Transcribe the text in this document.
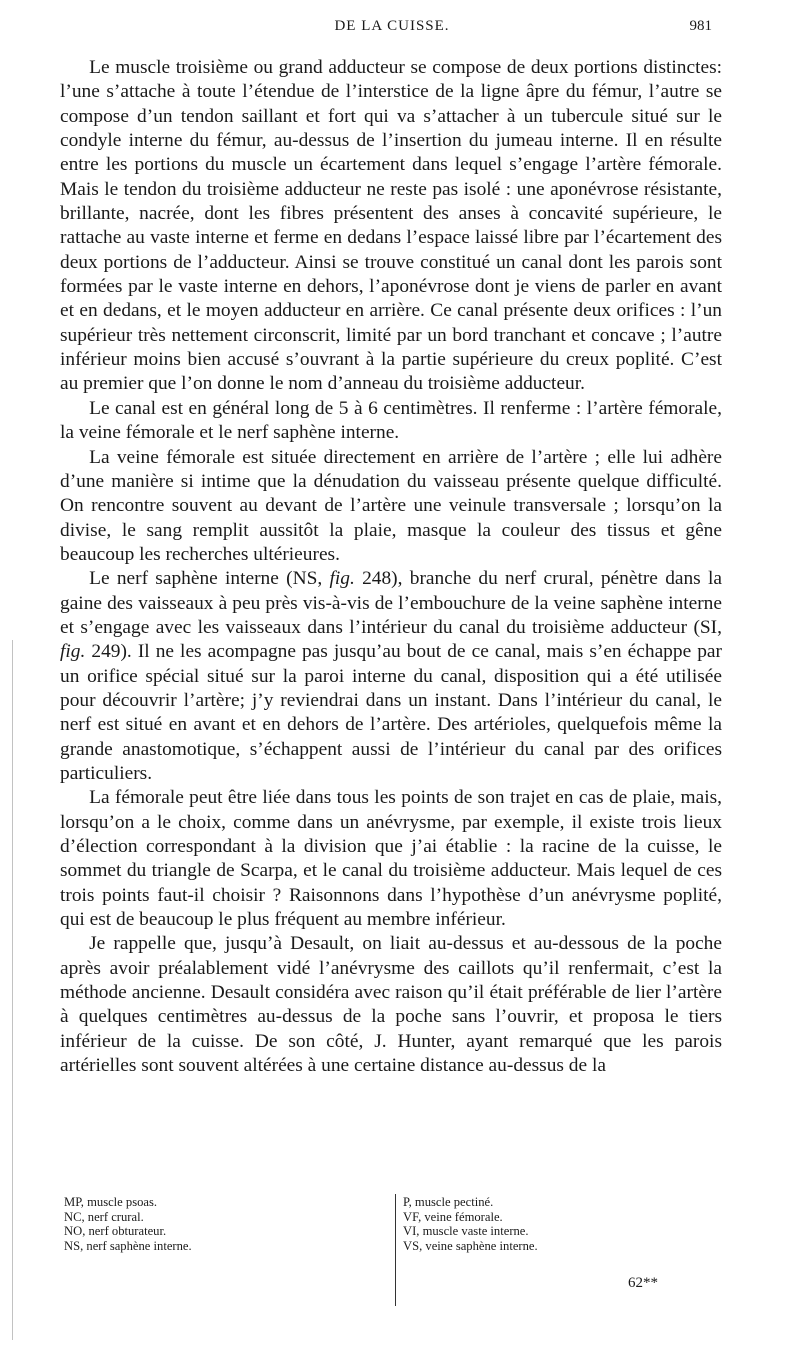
DE LA CUISSE.	981

Le muscle troisième ou grand adducteur se compose de deux portions distinctes: l’une s’attache à toute l’étendue de l’interstice de la ligne âpre du fémur, l’autre se compose d’un tendon saillant et fort qui va s’attacher à un tubercule situé sur le condyle interne du fémur, au-dessus de l’insertion du jumeau interne. Il en résulte entre les portions du muscle un écartement dans lequel s’engage l’artère fémorale. Mais le tendon du troisième adducteur ne reste pas isolé : une aponévrose résistante, brillante, nacrée, dont les fibres présentent des anses à concavité supérieure, le rattache au vaste interne et ferme en dedans l’espace laissé libre par l’écartement des deux portions de l’adducteur. Ainsi se trouve constitué un canal dont les parois sont formées par le vaste interne en dehors, l’aponévrose dont je viens de parler en avant et en dedans, et le moyen adducteur en arrière. Ce canal présente deux orifices : l’un supérieur très nettement circonscrit, limité par un bord tranchant et concave ; l’autre inférieur moins bien accusé s’ouvrant à la partie supérieure du creux poplité. C’est au premier que l’on donne le nom d’anneau du troisième adducteur.

Le canal est en général long de 5 à 6 centimètres. Il renferme : l’artère fémorale, la veine fémorale et le nerf saphène interne.

La veine fémorale est située directement en arrière de l’artère ; elle lui adhère d’une manière si intime que la dénudation du vaisseau présente quelque difficulté. On rencontre souvent au devant de l’artère une veinule transversale ; lorsqu’on la divise, le sang remplit aussitôt la plaie, masque la couleur des tissus et gêne beaucoup les recherches ultérieures.

Le nerf saphène interne (NS, fig. 248), branche du nerf crural, pénètre dans la gaine des vaisseaux à peu près vis-à-vis de l’embouchure de la veine saphène interne et s’engage avec les vaisseaux dans l’intérieur du canal du troisième adducteur (SI, fig. 249). Il ne les acompagne pas jusqu’au bout de ce canal, mais s’en échappe par un orifice spécial situé sur la paroi interne du canal, disposition qui a été utilisée pour découvrir l’artère; j’y reviendrai dans un instant. Dans l’intérieur du canal, le nerf est situé en avant et en dehors de l’artère. Des artérioles, quelquefois même la grande anastomotique, s’échappent aussi de l’intérieur du canal par des orifices particuliers.

La fémorale peut être liée dans tous les points de son trajet en cas de plaie, mais, lorsqu’on a le choix, comme dans un anévrysme, par exemple, il existe trois lieux d’élection correspondant à la division que j’ai établie : la racine de la cuisse, le sommet du triangle de Scarpa, et le canal du troisième adducteur. Mais lequel de ces trois points faut-il choisir ? Raisonnons dans l’hypothèse d’un anévrysme poplité, qui est de beaucoup le plus fréquent au membre inférieur.

Je rappelle que, jusqu’à Desault, on liait au-dessus et au-dessous de la poche après avoir préalablement vidé l’anévrysme des caillots qu’il renfermait, c’est la méthode ancienne. Desault considéra avec raison qu’il était préférable de lier l’artère à quelques centimètres au-dessus de la poche sans l’ouvrir, et proposa le tiers inférieur de la cuisse. De son côté, J. Hunter, ayant remarqué que les parois artérielles sont souvent altérées à une certaine distance au-dessus de la

MP, muscle psoas.
NC, nerf crural.
NO, nerf obturateur.
NS, nerf saphène interne.
P, muscle pectiné.
VF, veine fémorale.
VI, muscle vaste interne.
VS, veine saphène interne.
62**
